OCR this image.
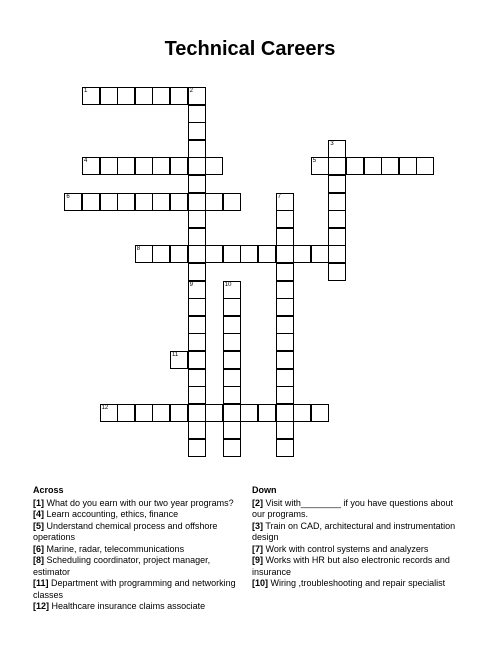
Technical Careers
1
4	5
6
8
11
12
2
9
3
7
10
Across

[1] What do you earn with our two year programs?

[4] Learn accounting, ethics, finance

[5] Understand chemical process and offshore operations

[6] Marine, radar, telecommunications

[8] Scheduling coordinator, project manager, estimator

[11] Department with programming and networking classes

[12] Healthcare insurance claims associate

Down

[2] Visit with________ if you have questions about our programs.

[3] Train on CAD, architectural and instrumentation design

[7] Work with control systems and analyzers

[9] Works with HR but also electronic records and insurance

[10] Wiring ,troubleshooting and repair specialist
